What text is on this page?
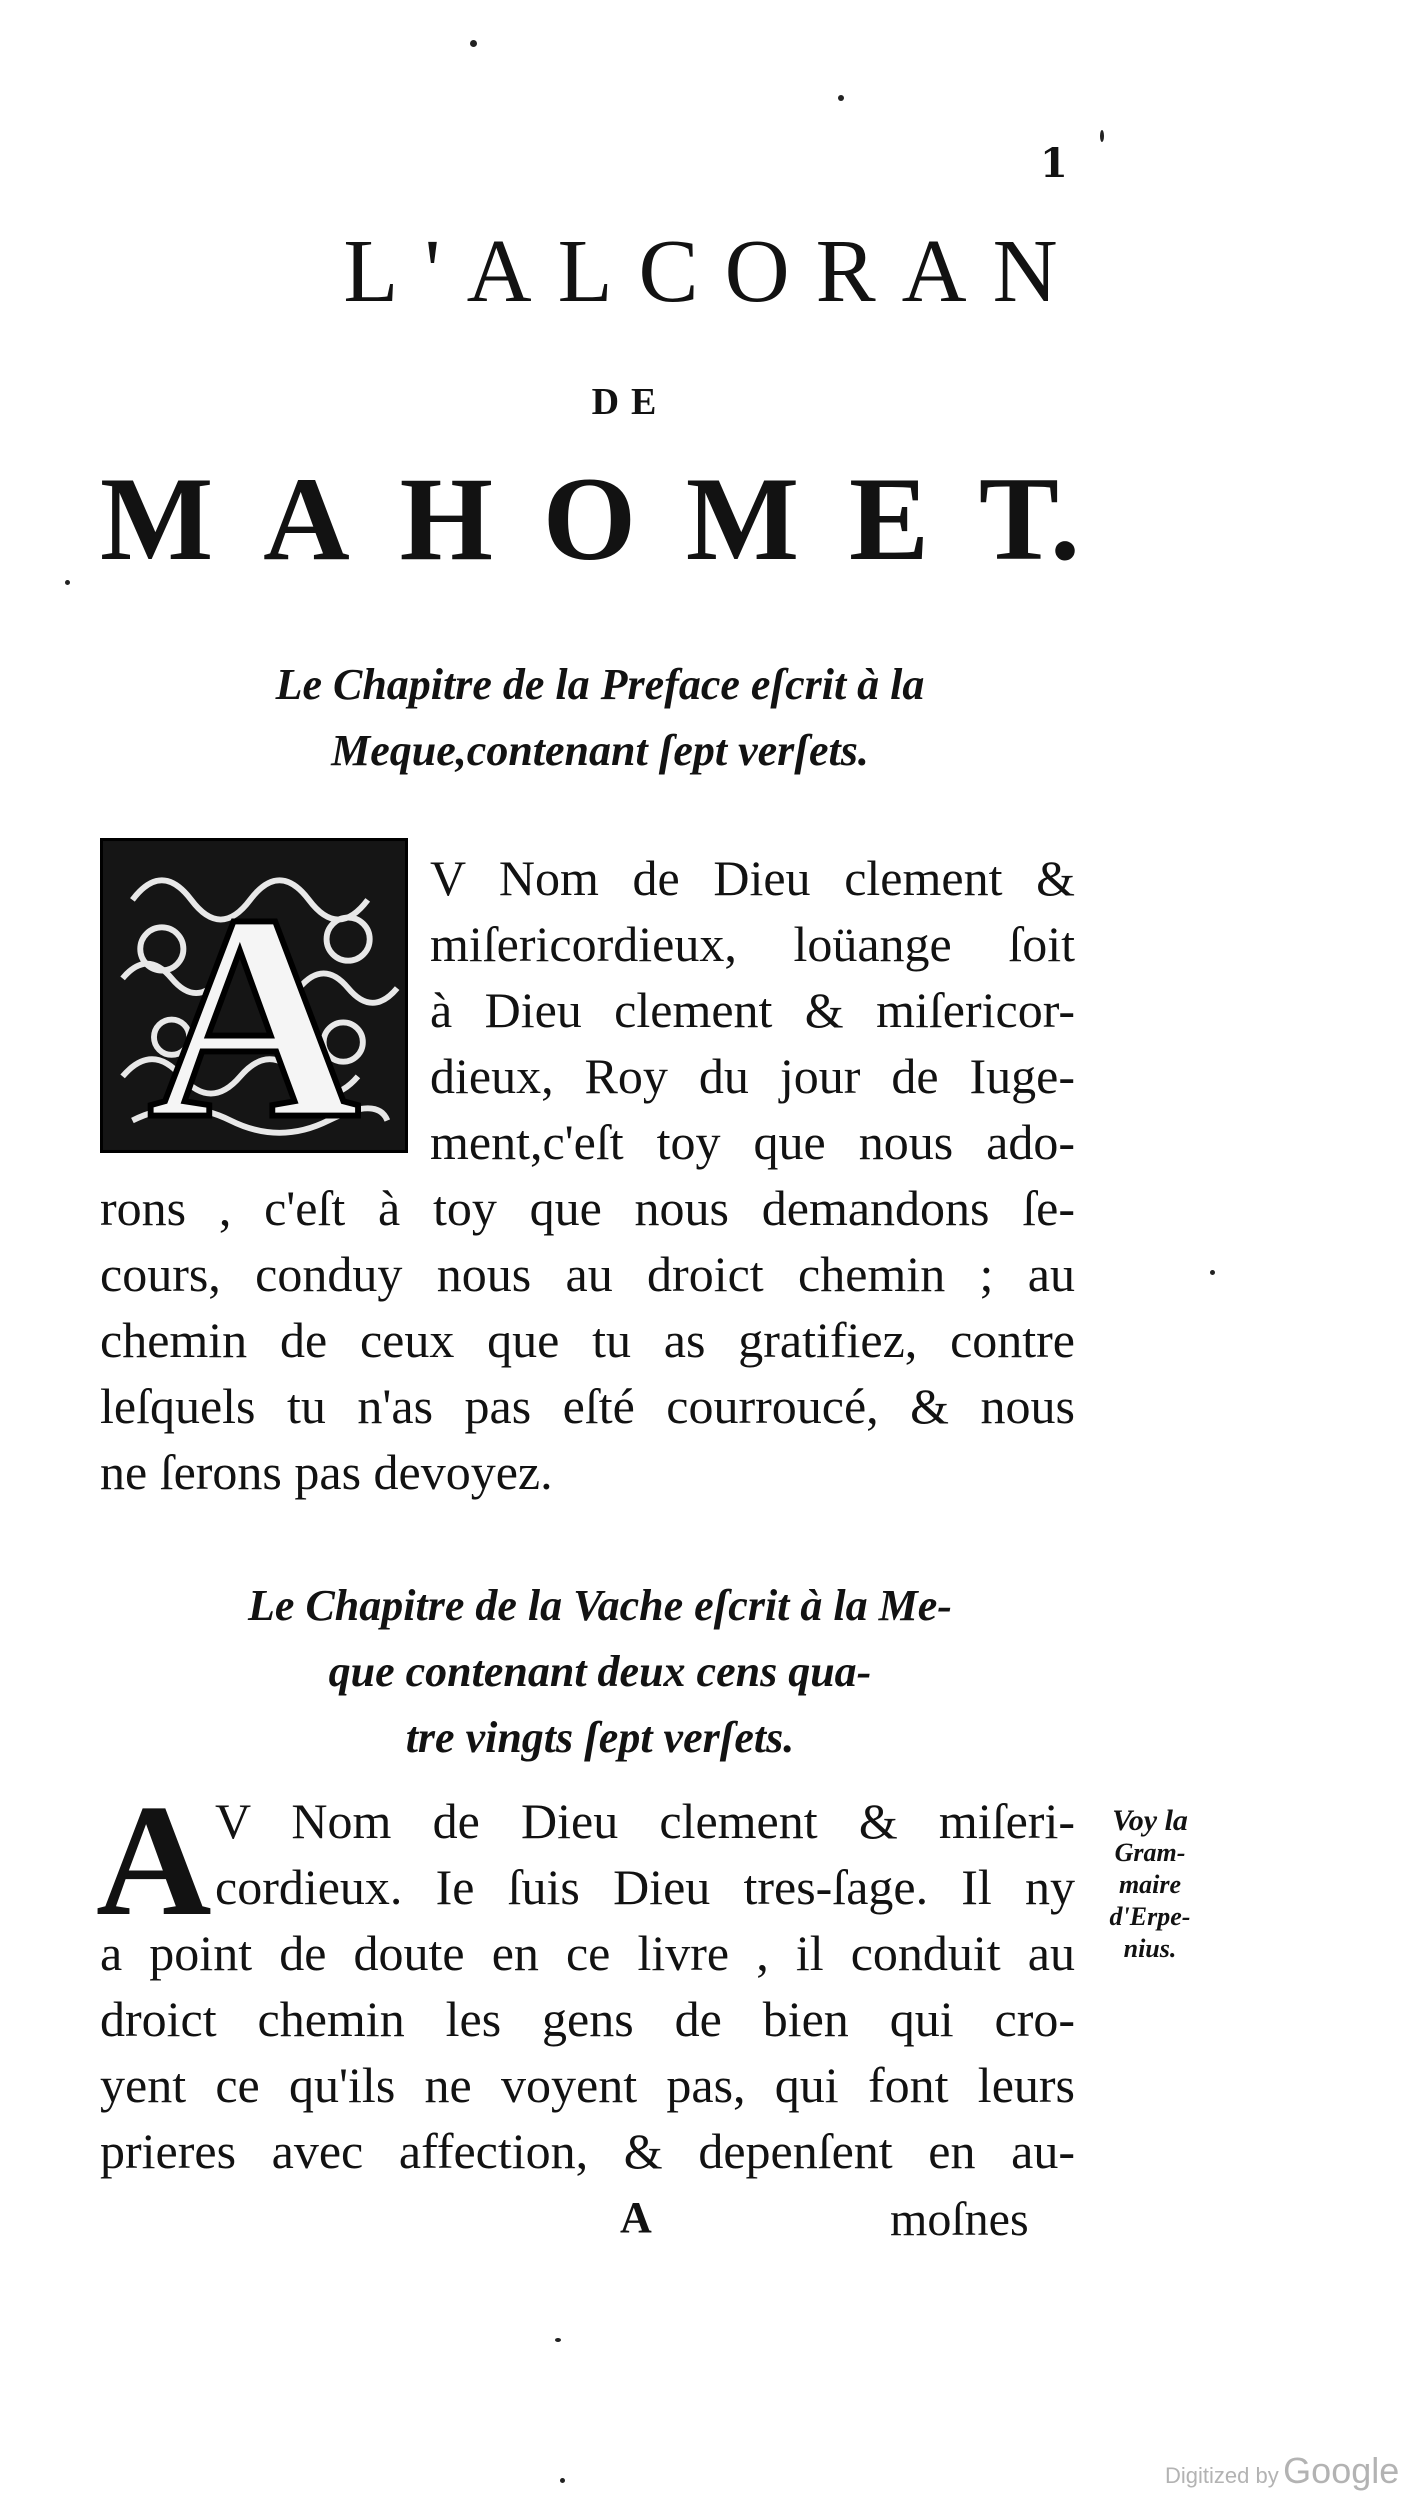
1
L'ALCORAN
DE
M A H O M E T.
Le Chapitre de la Preface eſcrit à la
Meque,contenant ſept verſets.
A	V Nom de Dieu clement &
miſericordieux, loüange ſoit
à Dieu clement & miſericor-
dieux, Roy du jour de Iuge-
ment,c'eſt toy que nous ado-
rons , c'eſt à toy que nous demandons ſe-
cours, conduy nous au droict chemin ; au
chemin de ceux que tu as gratifiez, contre
leſquels tu n'as pas eſté courroucé, & nous
ne ſerons pas devoyez.
Le Chapitre de la Vache eſcrit à la Me-
que contenant deux cens qua-
tre vingts ſept verſets.
A V Nom de Dieu clement & miſeri-
cordieux. Ie ſuis Dieu tres-ſage. Il ny
a point de doute en ce livre , il conduit au
droict chemin les gens de bien qui cro-
yent ce qu'ils ne voyent pas, qui font leurs
prieres avec affection, & depenſent en au-
Voy la
Gram-
maire
d'Erpe-
nius.
A	moſnes
Digitized by Google
